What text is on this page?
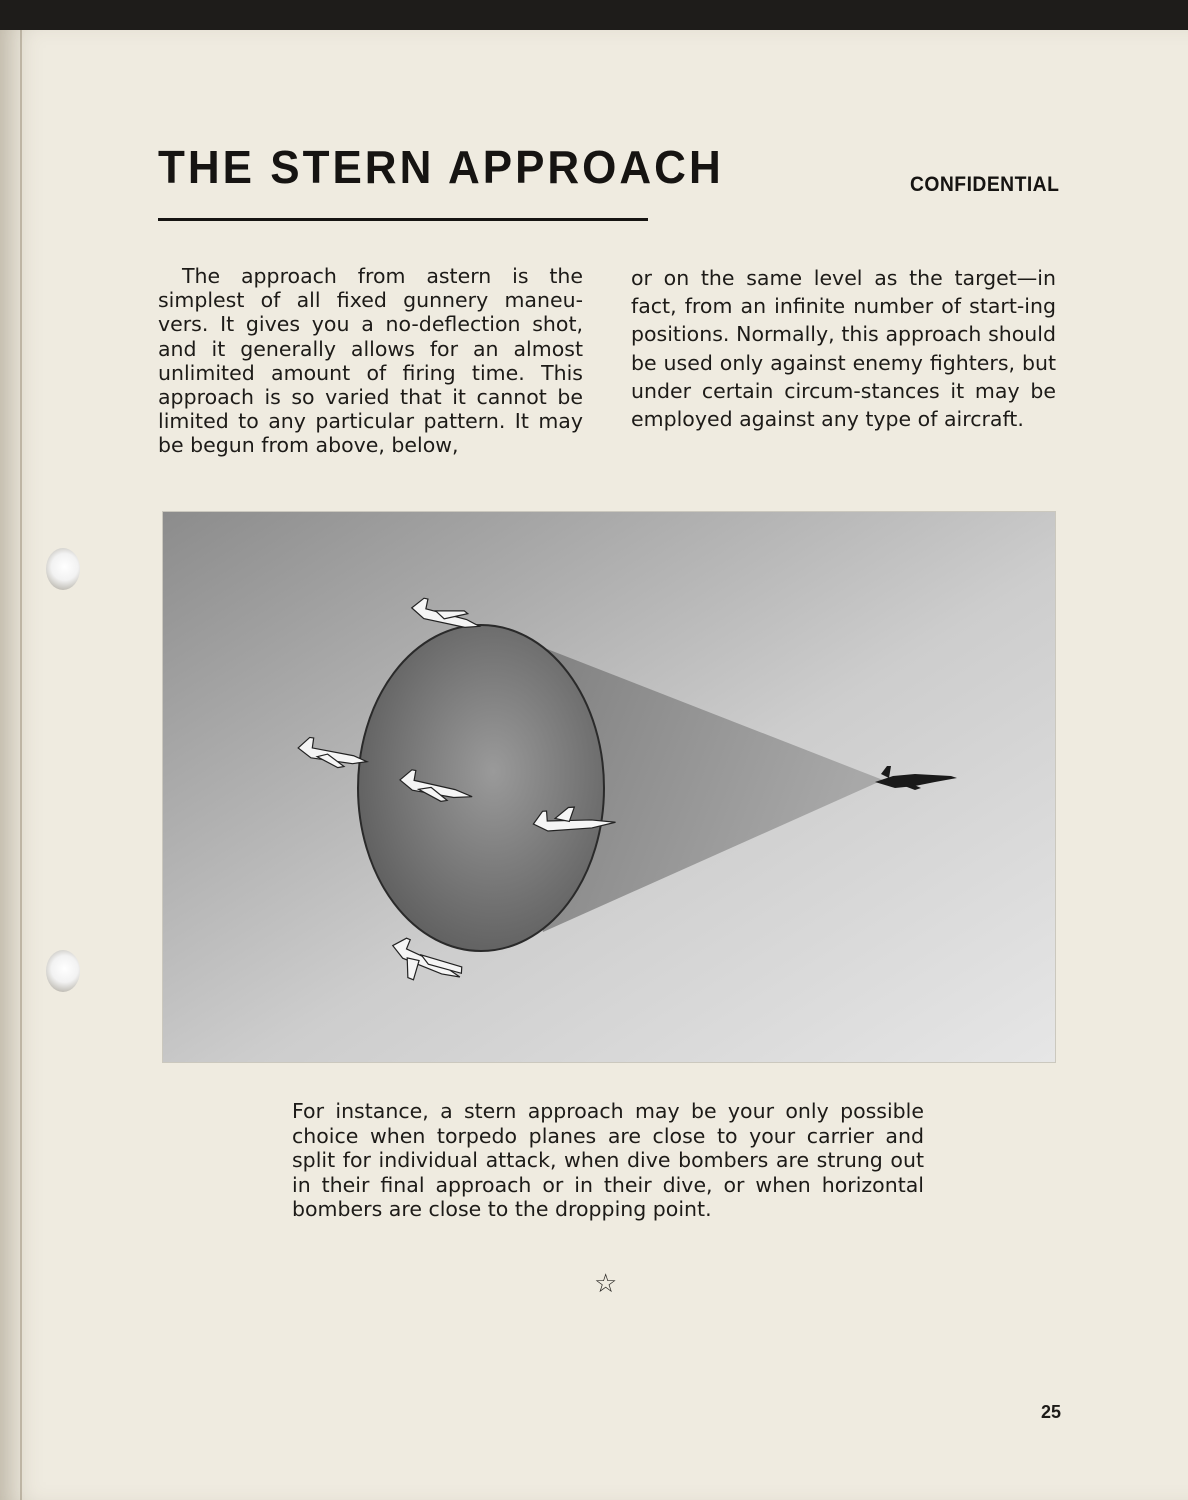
THE STERN APPROACH	CONFIDENTIAL

The approach from astern is the simplest of all fixed gunnery maneu-vers. It gives you a no-deflection shot, and it generally allows for an almost unlimited amount of firing time. This approach is so varied that it cannot be limited to any particular pattern. It may be begun from above, below,

or on the same level as the target—in fact, from an infinite number of start-ing positions. Normally, this approach should be used only against enemy fighters, but under certain circum-stances it may be employed against any type of aircraft.

For instance, a stern approach may be your only possible choice when torpedo planes are close to your carrier and split for individual attack, when dive bombers are strung out in their final approach or in their dive, or when horizontal bombers are close to the dropping point.

☆
25
